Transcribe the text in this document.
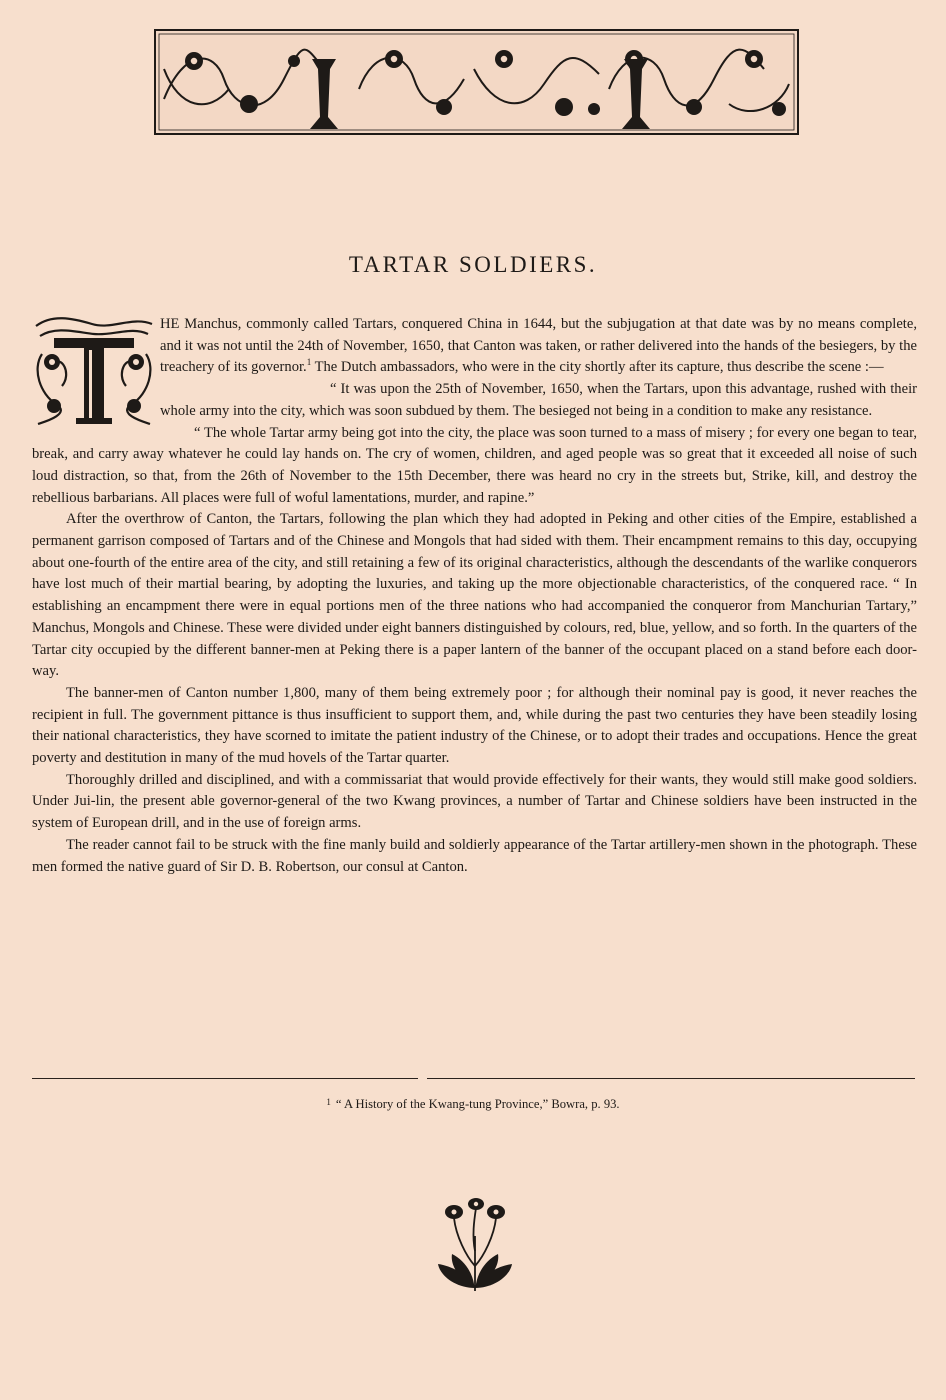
TARTAR SOLDIERS.

HE Manchus, commonly called Tartars, conquered China in 1644, but the subjugation at that date was by no means complete, and it was not until the 24th of November, 1650, that Canton was taken, or rather delivered into the hands of the besiegers, by the treachery of its governor.$^1$ The Dutch ambassadors, who were in the city shortly after its capture, thus describe the scene :—

“ It was upon the 25th of November, 1650, when the Tartars, upon this advantage, rushed with their whole army into the city, which was soon subdued by them. The besieged not being in a condition to make any resistance.

“ The whole Tartar army being got into the city, the place was soon turned to a mass of misery ; for every one began to tear, break, and carry away whatever he could lay hands on. The cry of women, children, and aged people was so great that it exceeded all noise of such loud distraction, so that, from the 26th of November to the 15th December, there was heard no cry in the streets but, Strike, kill, and destroy the rebellious barbarians. All places were full of woful lamentations, murder, and rapine.”

After the overthrow of Canton, the Tartars, following the plan which they had adopted in Peking and other cities of the Empire, established a permanent garrison composed of Tartars and of the Chinese and Mongols that had sided with them. Their encampment remains to this day, occupying about one-fourth of the entire area of the city, and still retaining a few of its original characteristics, although the descendants of the warlike conquerors have lost much of their martial bearing, by adopting the luxuries, and taking up the more objectionable characteristics, of the conquered race. “ In establishing an encampment there were in equal portions men of the three nations who had accompanied the conqueror from Manchurian Tartary,” Manchus, Mongols and Chinese. These were divided under eight banners distinguished by colours, red, blue, yellow, and so forth. In the quarters of the Tartar city occupied by the different banner-men at Peking there is a paper lantern of the banner of the occupant placed on a stand before each door-way.

The banner-men of Canton number 1,800, many of them being extremely poor ; for although their nominal pay is good, it never reaches the recipient in full. The government pittance is thus insufficient to support them, and, while during the past two centuries they have been steadily losing their national characteristics, they have scorned to imitate the patient industry of the Chinese, or to adopt their trades and occupations. Hence the great poverty and destitution in many of the mud hovels of the Tartar quarter.

Thoroughly drilled and disciplined, and with a commissariat that would provide effectively for their wants, they would still make good soldiers. Under Jui-lin, the present able governor-general of the two Kwang provinces, a number of Tartar and Chinese soldiers have been instructed in the system of European drill, and in the use of foreign arms.

The reader cannot fail to be struck with the fine manly build and soldierly appearance of the Tartar artillery-men shown in the photograph. These men formed the native guard of Sir D. B. Robertson, our consul at Canton.

$^1$ “ A History of the Kwang-tung Province,” Bowra, p. 93.
